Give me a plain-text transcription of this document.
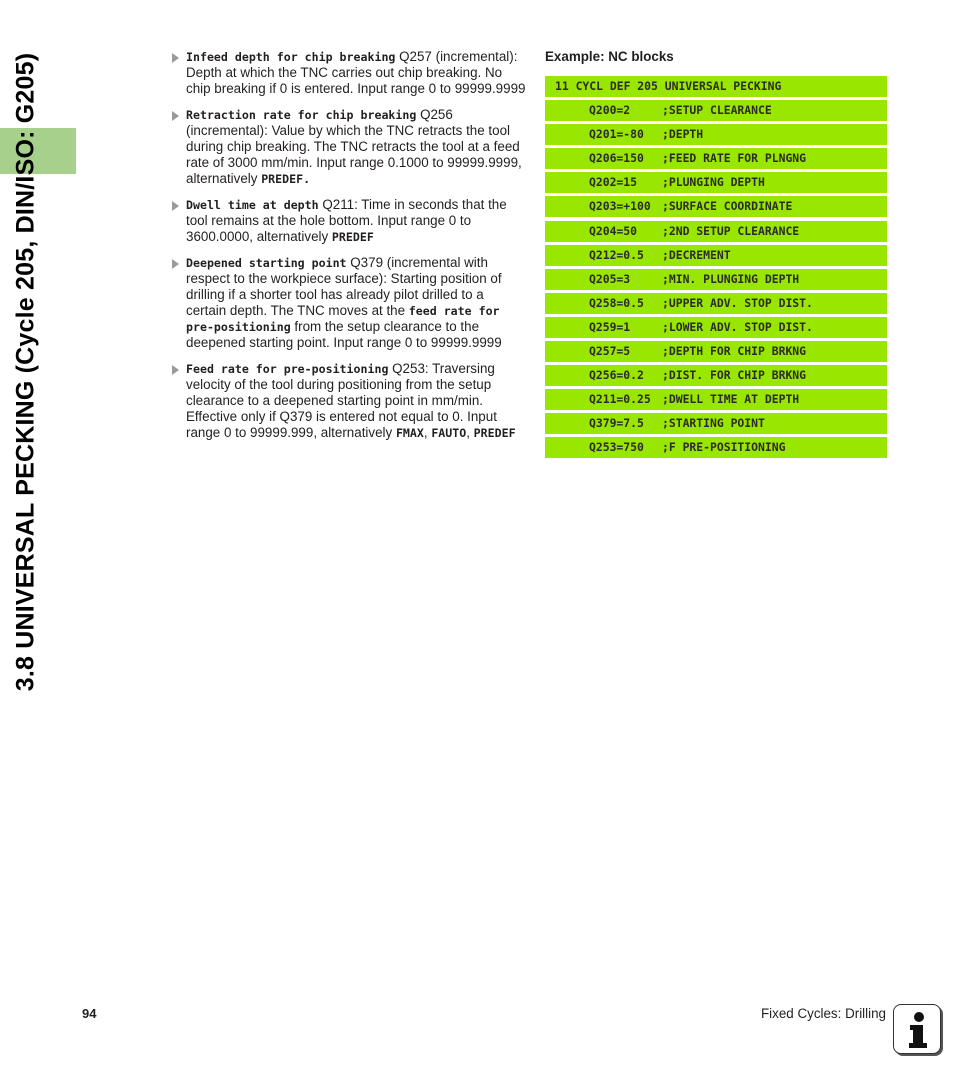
3.8 UNIVERSAL PECKING (Cycle 205, DIN/ISO: G205)	Infeed depth for chip breaking Q257 (incremental): Depth at which the TNC carries out chip breaking. No chip breaking if 0 is entered. Input range 0 to 99999.9999
Retraction rate for chip breaking Q256 (incremental): Value by which the TNC retracts the tool during chip breaking. The TNC retracts the tool at a feed rate of 3000 mm/min. Input range 0.1000 to 99999.9999, alternatively PREDEF.
Dwell time at depth Q211: Time in seconds that the tool remains at the hole bottom. Input range 0 to 3600.0000, alternatively PREDEF
Deepened starting point Q379 (incremental with respect to the workpiece surface): Starting position of drilling if a shorter tool has already pilot drilled to a certain depth. The TNC moves at the feed rate for pre-positioning from the setup clearance to the deepened starting point. Input range 0 to 99999.9999
Feed rate for pre-positioning Q253: Traversing velocity of the tool during positioning from the setup clearance to a deepened starting point in mm/min. Effective only if Q379 is entered not equal to 0. Input range 0 to 99999.999, alternatively FMAX, FAUTO, PREDEF
Example: NC blocks
11 CYCL DEF 205 UNIVERSAL PECKING
Q200=2	;SETUP CLEARANCE
Q201=-80 ;DEPTH
Q206=150 ;FEED RATE FOR PLNGNG
Q202=15 ;PLUNGING DEPTH
Q203=+100 ;SURFACE COORDINATE
Q204=50 ;2ND SETUP CLEARANCE
Q212=0.5 ;DECREMENT
Q205=3	;MIN. PLUNGING DEPTH
Q258=0.5 ;UPPER ADV. STOP DIST.
Q259=1	;LOWER ADV. STOP DIST.
Q257=5	;DEPTH FOR CHIP BRKNG
Q256=0.2 ;DIST. FOR CHIP BRKNG
Q211=0.25 ;DWELL TIME AT DEPTH
Q379=7.5 ;STARTING POINT
Q253=750 ;F PRE-POSITIONING
94	Fixed Cycles: Drilling
